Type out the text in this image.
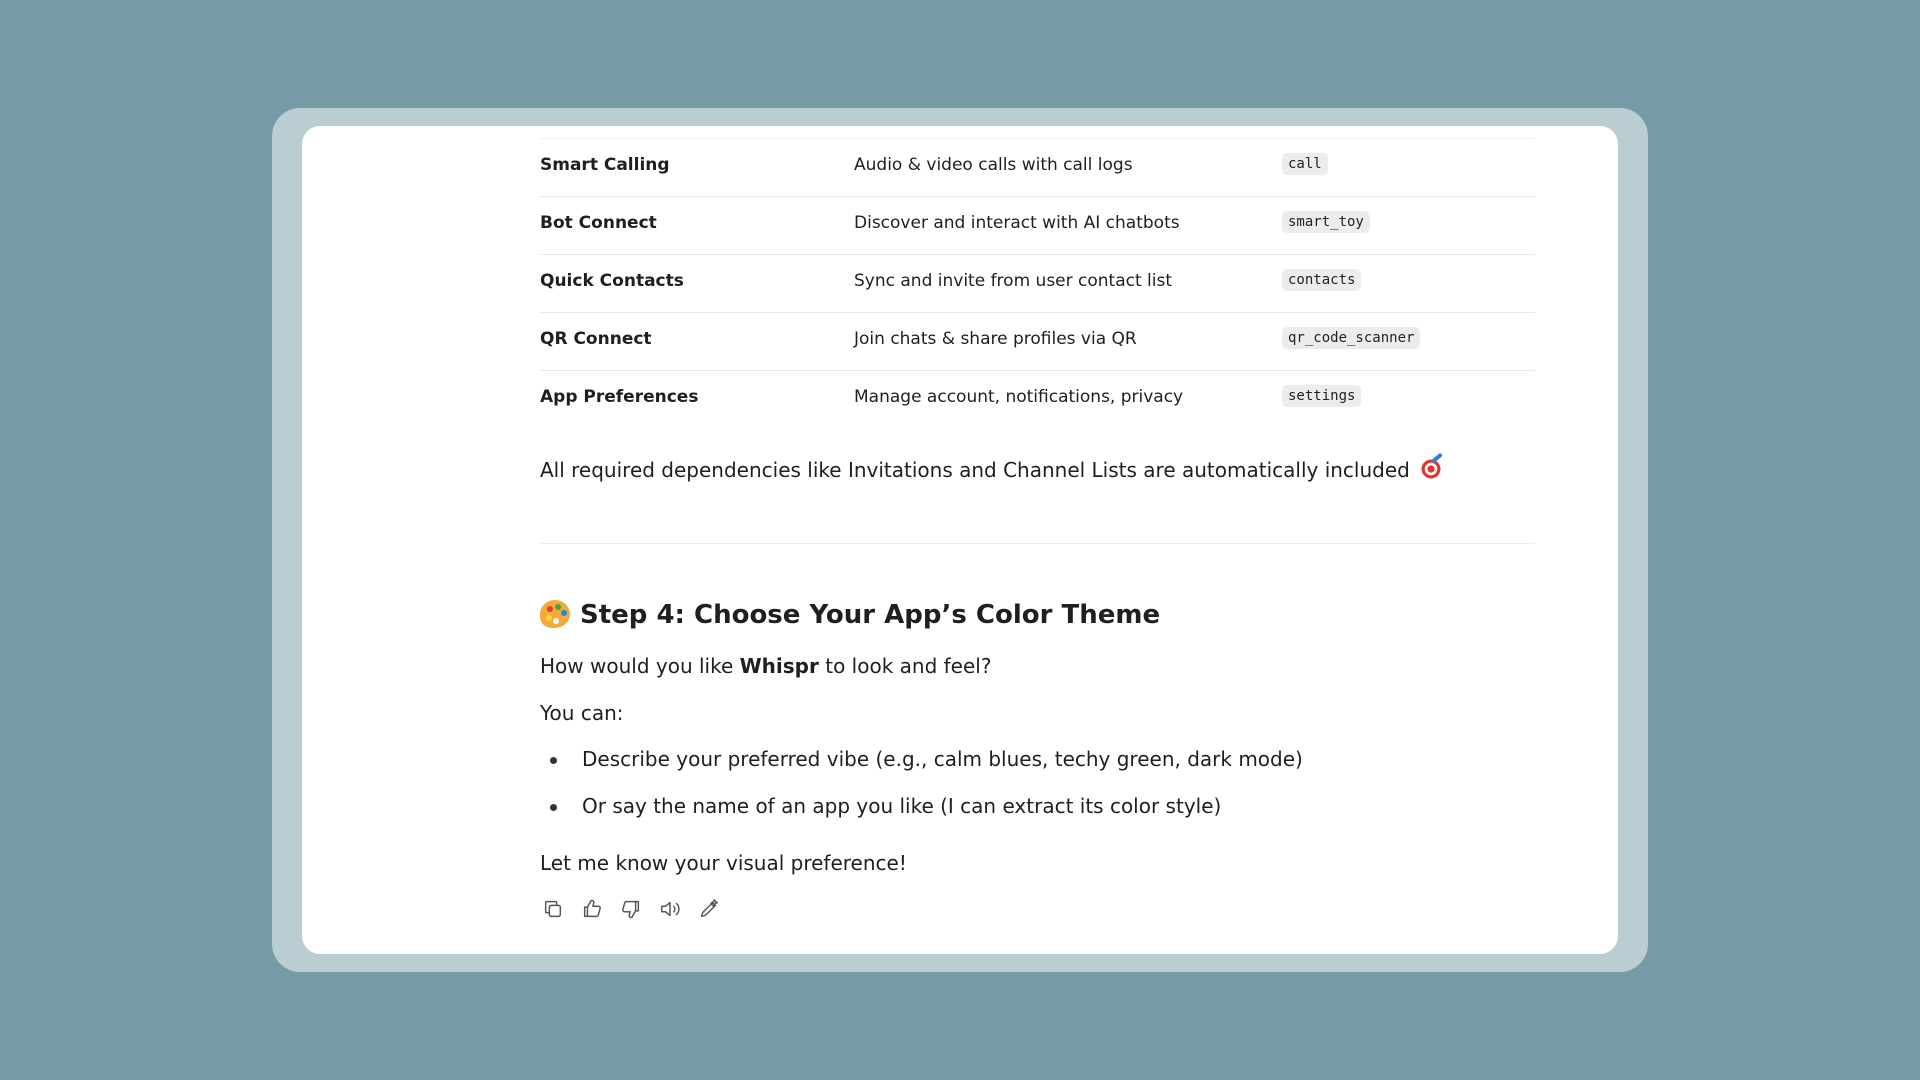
Smart Calling	Audio & video calls with call logs	call
Bot Connect	Discover and interact with AI chatbots	smart_toy
Quick Contacts	Sync and invite from user contact list	contacts
QR Connect	Join chats & share profiles via QR	qr_code_scanner
App Preferences	Manage account, notifications, privacy	settings
All required dependencies like Invitations and Channel Lists are automatically included
Step 4: Choose Your App’s Color Theme
How would you like Whispr to look and feel?
You can:
Describe your preferred vibe (e.g., calm blues, techy green, dark mode)
Or say the name of an app you like (I can extract its color style)
Let me know your visual preference!
